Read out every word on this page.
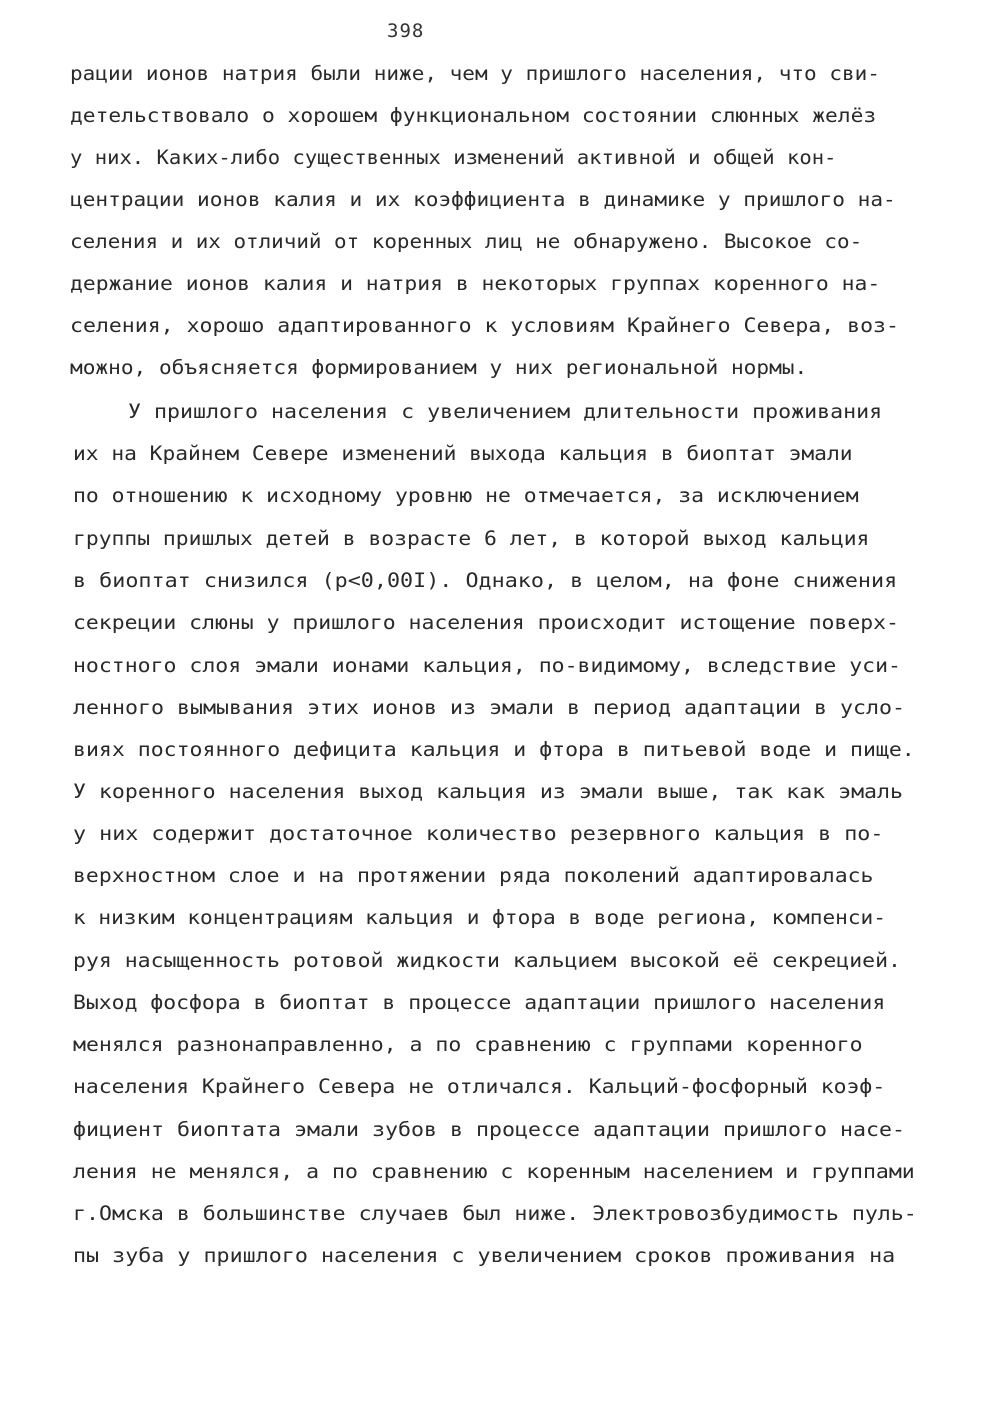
398
рации ионов натрия были ниже, чем у пришлого населения, что сви-
детельствовало о хорошем функциональном состоянии слюнных желёз
у них. Каких-либо существенных изменений активной и общей кон-
центрации ионов калия и их коэффициента в динамике у пришлого на-
селения и их отличий от коренных лиц не обнаружено. Высокое со-
держание ионов калия и натрия в некоторых группах коренного на-
селения, хорошо адаптированного к условиям Крайнего Севера, воз-
можно, объясняется формированием у них региональной нормы.
У пришлого населения с увеличением длительности проживания
их на Крайнем Севере изменений выхода кальция в биоптат эмали
по отношению к исходному уровню не отмечается, за исключением
группы пришлых детей в возрасте 6 лет, в которой выход кальция
в биоптат снизился (p<0,00I). Однако, в целом, на фоне снижения
секреции слюны у пришлого населения происходит истощение поверх-
ностного слоя эмали ионами кальция, по-видимому, вследствие уси-
ленного вымывания этих ионов из эмали в период адаптации в усло-
виях постоянного дефицита кальция и фтора в питьевой воде и пище.
У коренного населения выход кальция из эмали выше, так как эмаль
у них содержит достаточное количество резервного кальция в по-
верхностном слое и на протяжении ряда поколений адаптировалась
к низким концентрациям кальция и фтора в воде региона, компенси-
руя насыщенность ротовой жидкости кальцием высокой её секрецией.
Выход фосфора в биоптат в процессе адаптации пришлого населения
менялся разнонаправленно, а по сравнению с группами коренного
населения Крайнего Севера не отличался. Кальций-фосфорный коэф-
фициент биоптата эмали зубов в процессе адаптации пришлого насе-
ления не менялся, а по сравнению с коренным населением и группами
г.Омска в большинстве случаев был ниже. Электровозбудимость пуль-
пы зуба у пришлого населения с увеличением сроков проживания на
